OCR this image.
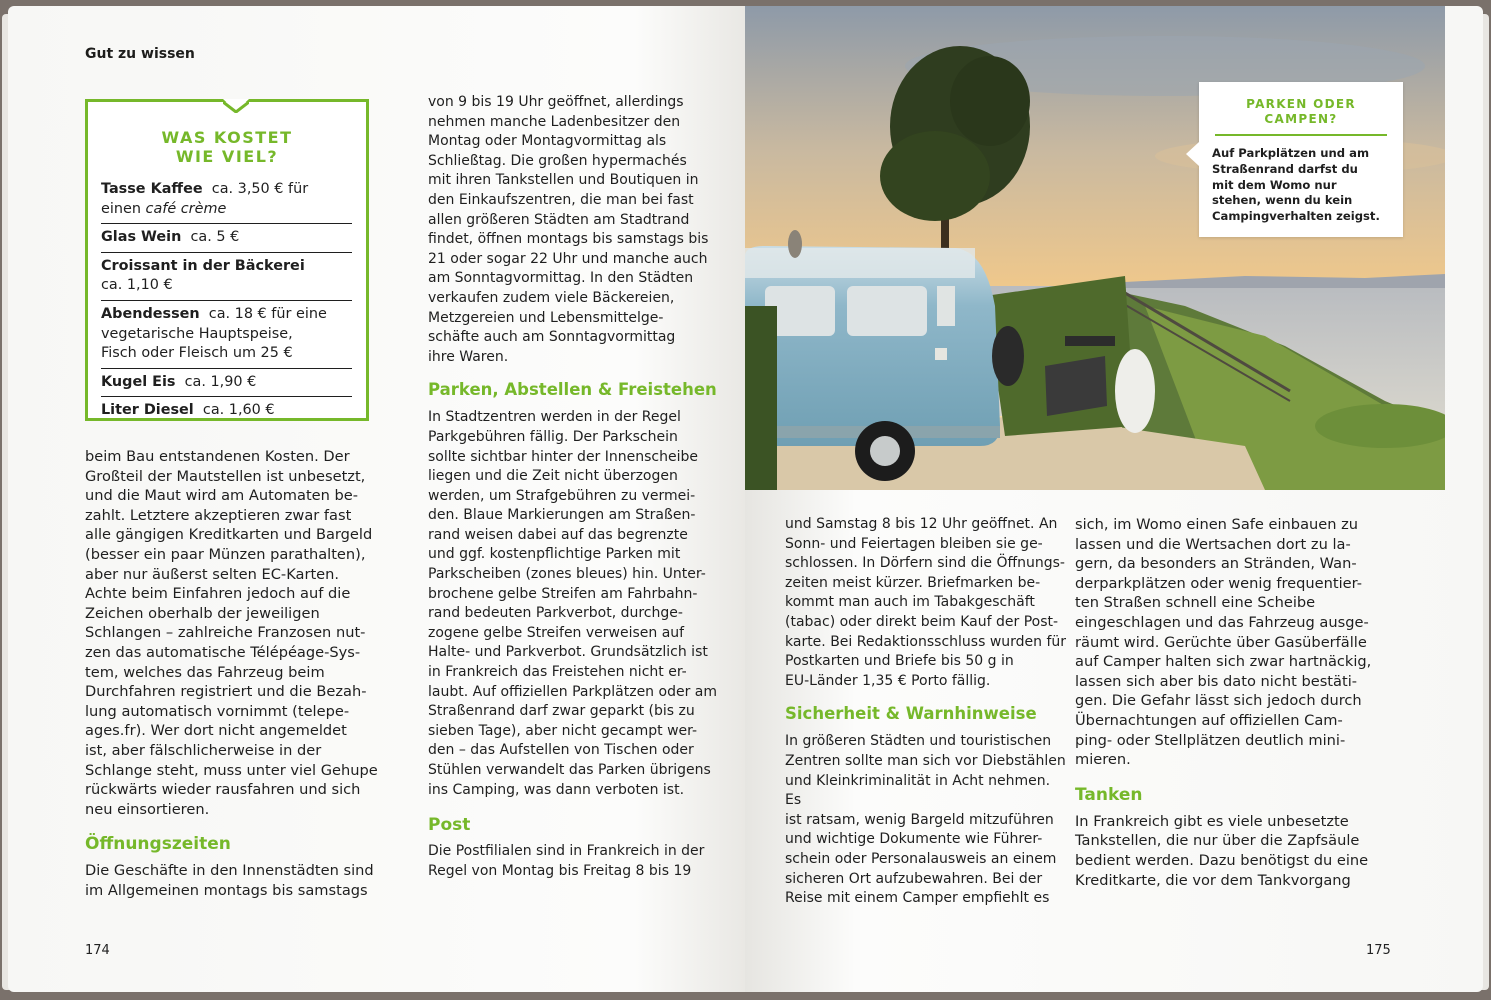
Gut zu wissen
WAS KOSTET
WIE VIEL?
Tasse Kaffee ca. 3,50 € für
einen café crème
Glas Wein ca. 5 €
Croissant in der Bäckerei
ca. 1,10 €
Abendessen ca. 18 € für eine
vegetarische Hauptspeise,
Fisch oder Fleisch um 25 €
Kugel Eis ca. 1,90 €
Liter Diesel ca. 1,60 €

beim Bau entstandenen Kosten. Der

Großteil der Mautstellen ist unbesetzt,

und die Maut wird am Automaten be-

zahlt. Letztere akzeptieren zwar fast

alle gängigen Kreditkarten und Bargeld

(besser ein paar Münzen parathalten),

aber nur äußerst selten EC-Karten.

Achte beim Einfahren jedoch auf die

Zeichen oberhalb der jeweiligen

Schlangen – zahlreiche Franzosen nut-

zen das automatische Télépéage-Sys-

tem, welches das Fahrzeug beim

Durchfahren registriert und die Bezah-

lung automatisch vornimmt (telepe-

ages.fr). Wer dort nicht angemeldet

ist, aber fälschlicherweise in der

Schlange steht, muss unter viel Gehupe

rückwärts wieder rausfahren und sich

neu einsortieren.

Öffnungszeiten

Die Geschäfte in den Innenstädten sind

im Allgemeinen montags bis samstags

von 9 bis 19 Uhr geöffnet, allerdings

nehmen manche Ladenbesitzer den

Montag oder Montagvormittag als

Schließtag. Die großen hypermachés

mit ihren Tankstellen und Boutiquen in

den Einkaufszentren, die man bei fast

allen größeren Städten am Stadtrand

findet, öffnen montags bis samstags bis

21 oder sogar 22 Uhr und manche auch

am Sonntagvormittag. In den Städten

verkaufen zudem viele Bäckereien,

Metzgereien und Lebensmittelge-

schäfte auch am Sonntagvormittag

ihre Waren.

Parken, Abstellen & Freistehen

In Stadtzentren werden in der Regel

Parkgebühren fällig. Der Parkschein

sollte sichtbar hinter der Innenscheibe

liegen und die Zeit nicht überzogen

werden, um Strafgebühren zu vermei-

den. Blaue Markierungen am Straßen-

rand weisen dabei auf das begrenzte

und ggf. kostenpflichtige Parken mit

Parkscheiben (zones bleues) hin. Unter-

brochene gelbe Streifen am Fahrbahn-

rand bedeuten Parkverbot, durchge-

zogene gelbe Streifen verweisen auf

Halte- und Parkverbot. Grundsätzlich ist

in Frankreich das Freistehen nicht er-

laubt. Auf offiziellen Parkplätzen oder am

Straßenrand darf zwar geparkt (bis zu

sieben Tage), aber nicht gecampt wer-

den – das Aufstellen von Tischen oder

Stühlen verwandelt das Parken übrigens

ins Camping, was dann verboten ist.

Post

Die Postfilialen sind in Frankreich in der

Regel von Montag bis Freitag 8 bis 19

174
PARKEN ODER
CAMPEN?
Auf Parkplätzen und am
Straßenrand darfst du
mit dem Womo nur
stehen, wenn du kein
Campingverhalten zeigst.

und Samstag 8 bis 12 Uhr geöffnet. An

Sonn- und Feiertagen bleiben sie ge-

schlossen. In Dörfern sind die Öffnungs-

zeiten meist kürzer. Briefmarken be-

kommt man auch im Tabakgeschäft

(tabac) oder direkt beim Kauf der Post-

karte. Bei Redaktionsschluss wurden für

Postkarten und Briefe bis 50 g in

EU-Länder 1,35 € Porto fällig.

Sicherheit & Warnhinweise

In größeren Städten und touristischen

Zentren sollte man sich vor Diebstählen

und Kleinkriminalität in Acht nehmen. Es

ist ratsam, wenig Bargeld mitzuführen

und wichtige Dokumente wie Führer-

schein oder Personalausweis an einem

sicheren Ort aufzubewahren. Bei der

Reise mit einem Camper empfiehlt es

sich, im Womo einen Safe einbauen zu

lassen und die Wertsachen dort zu la-

gern, da besonders an Stränden, Wan-

derparkplätzen oder wenig frequentier-

ten Straßen schnell eine Scheibe

eingeschlagen und das Fahrzeug ausge-

räumt wird. Gerüchte über Gasüberfälle

auf Camper halten sich zwar hartnäckig,

lassen sich aber bis dato nicht bestäti-

gen. Die Gefahr lässt sich jedoch durch

Übernachtungen auf offiziellen Cam-

ping- oder Stellplätzen deutlich mini-

mieren.

Tanken

In Frankreich gibt es viele unbesetzte

Tankstellen, die nur über die Zapfsäule

bedient werden. Dazu benötigst du eine

Kreditkarte, die vor dem Tankvorgang

175
